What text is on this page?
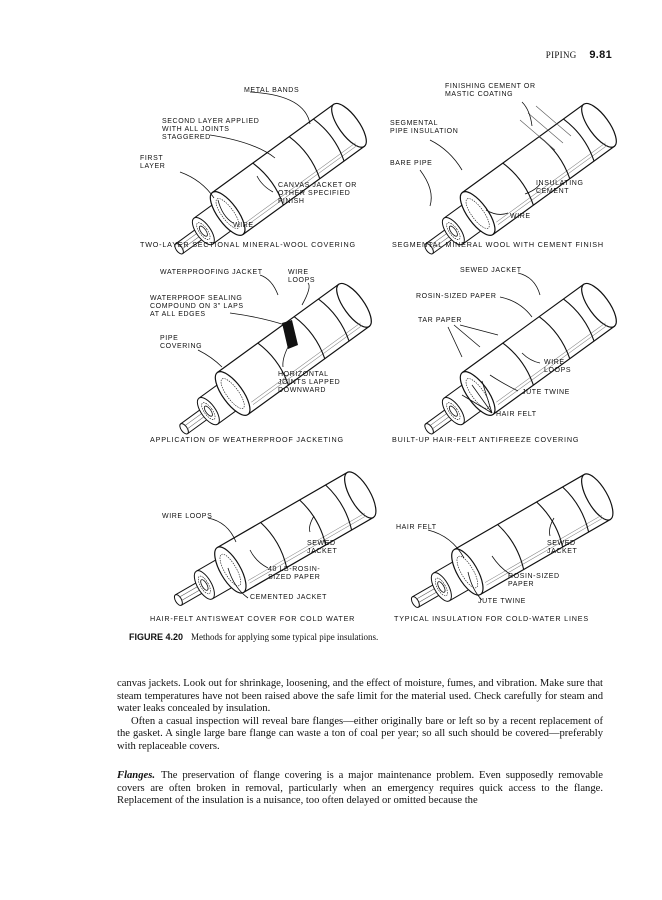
PIPING 9.81
METAL BANDS
SECOND LAYER APPLIED
WITH ALL JOINTS
STAGGERED
FIRST
LAYER
CANVAS JACKET OR
OTHER SPECIFIED
FINISH
WIRE
TWO-LAYER SECTIONAL MINERAL-WOOL COVERING
FINISHING CEMENT OR
MASTIC COATING
SEGMENTAL
PIPE INSULATION
BARE PIPE
INSULATING
CEMENT
WIRE
SEGMENTAL MINERAL WOOL WITH CEMENT FINISH
WATERPROOFING JACKET	WIRE
LOOPS
WATERPROOF SEALING
COMPOUND ON 3" LAPS
AT ALL EDGES
PIPE
COVERING
HORIZONTAL
JOINTS LAPPED
DOWNWARD
APPLICATION OF WEATHERPROOF JACKETING
SEWED JACKET
ROSIN-SIZED PAPER
TAR PAPER
WIRE
LOOPS
JUTE TWINE
HAIR FELT
BUILT-UP HAIR-FELT ANTIFREEZE COVERING
WIRE LOOPS
SEWED
JACKET
40 LB-ROSIN-
SIZED PAPER
CEMENTED JACKET
HAIR-FELT ANTISWEAT COVER FOR COLD WATER
HAIR FELT
SEWED
JACKET
ROSIN-SIZED
PAPER
JUTE TWINE
TYPICAL INSULATION FOR COLD-WATER LINES
FIGURE 4.20 Methods for applying some typical pipe insulations.

canvas jackets. Look out for shrinkage, loosening, and the effect of moisture, fumes, and vibration. Make sure that steam temperatures have not been raised above the safe limit for the material used. Check carefully for steam and water leaks concealed by insulation.

Often a casual inspection will reveal bare flanges—either originally bare or left so by a recent replacement of the gasket. A single large bare flange can waste a ton of coal per year; so all such should be covered—preferably with replaceable covers.

Flanges. The preservation of flange covering is a major maintenance problem. Even supposedly removable covers are often broken in removal, particularly when an emergency requires quick access to the flange. Replacement of the insulation is a nuisance, too often delayed or omitted because the
